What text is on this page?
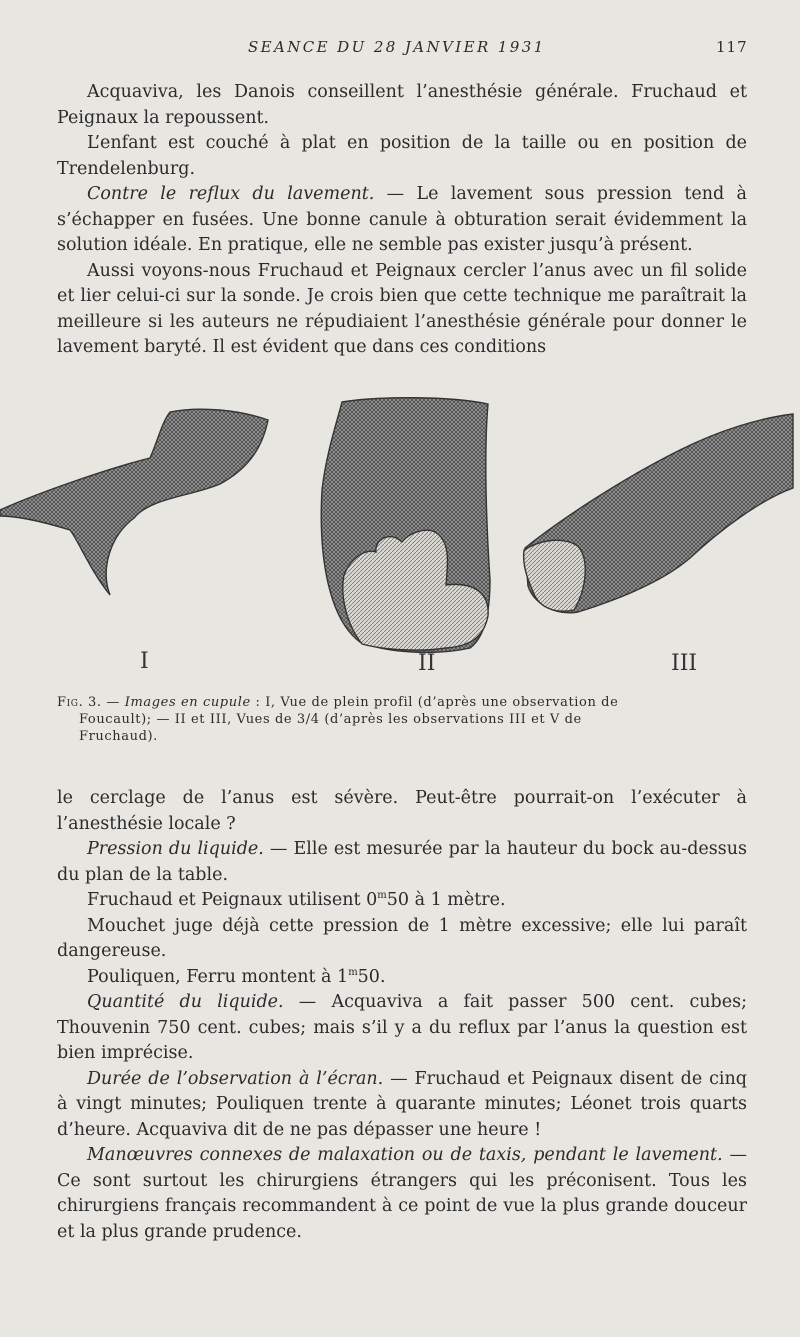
SEANCE DU 28 JANVIER 1931	117

Acquaviva, les Danois conseillent l’anesthésie générale. Fruchaud et Peignaux la repoussent.

L’enfant est couché à plat en position de la taille ou en position de Trendelenburg.

Contre le reflux du lavement. — Le lavement sous pression tend à s’échapper en fusées. Une bonne canule à obturation serait évidemment la solution idéale. En pratique, elle ne semble pas exister jusqu’à présent.

Aussi voyons-nous Fruchaud et Peignaux cercler l’anus avec un fil solide et lier celui-ci sur la sonde. Je crois bien que cette technique me paraîtrait la meilleure si les auteurs ne répudiaient l’anesthésie générale pour donner le lavement baryté. Il est évident que dans ces conditions

I	II	III
Fig. 3. — Images en cupule : I, Vue de plein profil (d’après une observation de
Foucault); — II et III, Vues de 3/4 (d’après les observations III et V de
Fruchaud).

le cerclage de l’anus est sévère. Peut-être pourrait-on l’exécuter à l’anesthésie locale ?

Pression du liquide. — Elle est mesurée par la hauteur du bock au-dessus du plan de la table.

Fruchaud et Peignaux utilisent 0$^m$50 à 1 mètre.

Mouchet juge déjà cette pression de 1 mètre excessive; elle lui paraît dangereuse.

Pouliquen, Ferru montent à 1$^m$50.

Quantité du liquide. — Acquaviva a fait passer 500 cent. cubes; Thouvenin 750 cent. cubes; mais s’il y a du reflux par l’anus la question est bien imprécise.

Durée de l’observation à l’écran. — Fruchaud et Peignaux disent de cinq à vingt minutes; Pouliquen trente à quarante minutes; Léonet trois quarts d’heure. Acquaviva dit de ne pas dépasser une heure !

Manœuvres connexes de malaxation ou de taxis, pendant le lavement. — Ce sont surtout les chirurgiens étrangers qui les préconisent. Tous les chirurgiens français recommandent à ce point de vue la plus grande douceur et la plus grande prudence.
